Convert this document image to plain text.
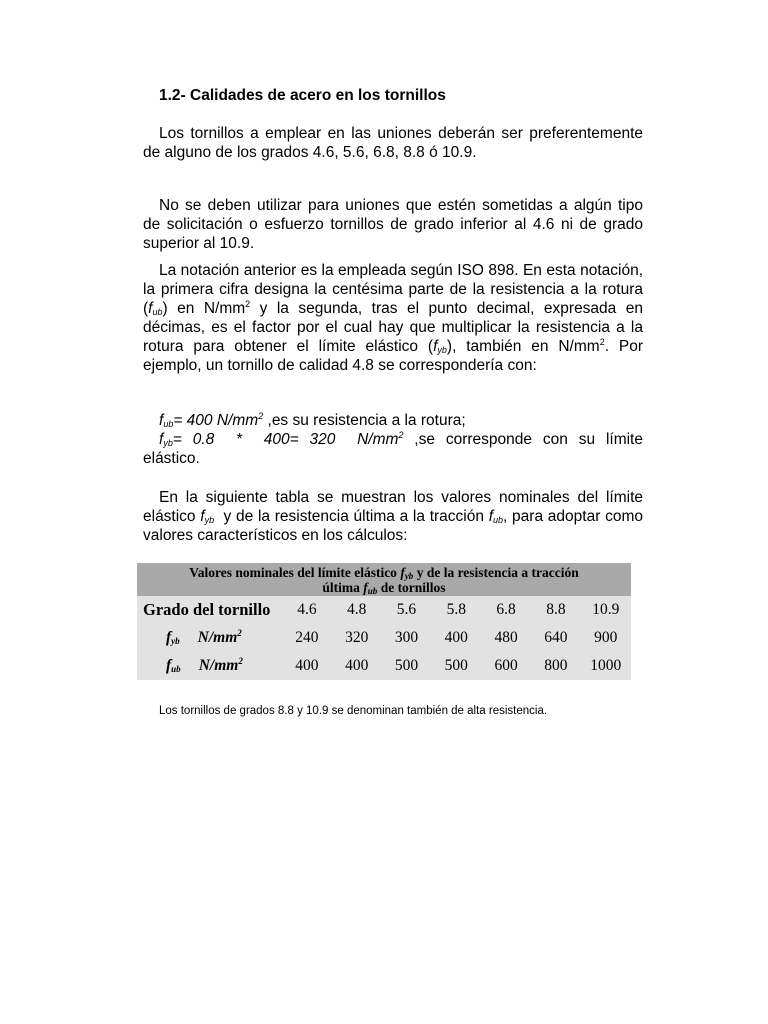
1.2- Calidades de acero en los tornillos

Los tornillos a emplear en las uniones deberán ser preferentemente de alguno de los grados 4.6, 5.6, 6.8, 8.8 ó 10.9.

No se deben utilizar para uniones que estén sometidas a algún tipo de solicitación o esfuerzo tornillos de grado inferior al 4.6 ni de grado superior al 10.9.

La notación anterior es la empleada según ISO 898. En esta notación, la primera cifra designa la centésima parte de la resistencia a la rotura $(f_{ub})$ en $N/mm^2$ y la segunda, tras el punto decimal, expresada en décimas, es el factor por el cual hay que multiplicar la resistencia a la rotura para obtener el límite elástico $(f_{yb})$, también en $N/mm^2$. Por ejemplo, un tornillo de calidad 4.8 se correspondería con:

$f_{ub}= 400$ $N/mm^2$ ,es su resistencia a la rotura;
$f_{yb}= 0.8 * 400= 320$  $N/mm^2$ ,se corresponde con su límite
elástico.

En la siguiente tabla se muestran los valores nominales del límite elástico $f_{yb}$  y de la resistencia última a la tracción $f_{ub}$, para adoptar como valores característicos en los cálculos:

Valores nominales del límite elástico $f_{yb}$ y de la resistencia a tracción
última $f_{ub}$ de tornillos
Grado del tornillo	4.6	4.8	5.6	5.8	6.8	8.8	10.9
$f_{yb}$ $N/mm^2$	240	320	300	400	480	640	900
$f_{ub}$ $N/mm^2$	400	400	500	500	600	800	1000
Los tornillos de grados 8.8 y 10.9 se denominan también de alta resistencia.
